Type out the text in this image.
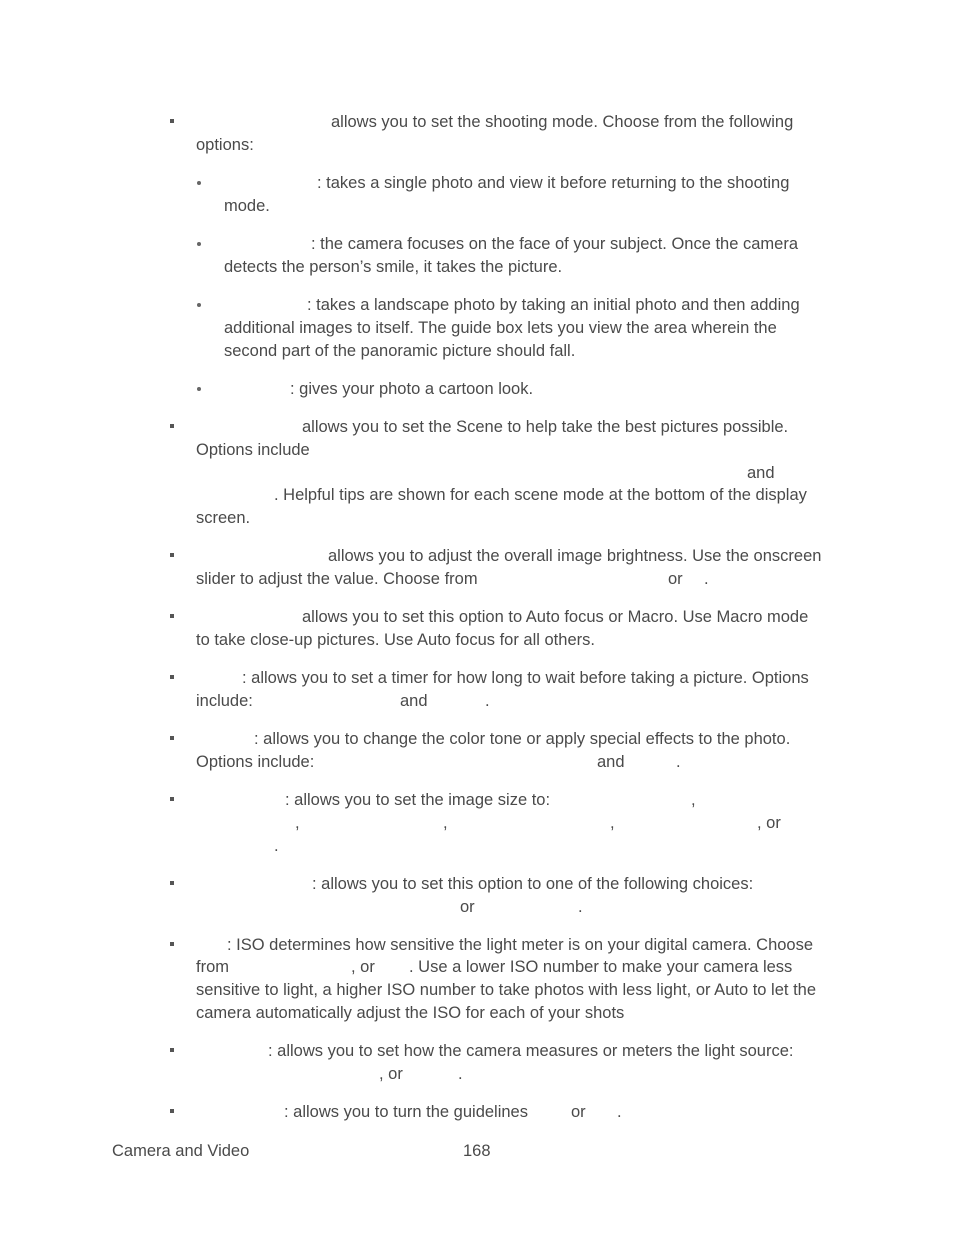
allows you to set the shooting mode. Choose from the following
options:
: takes a single photo and view it before returning to the shooting
mode.
: the camera focuses on the face of your subject. Once the camera
detects the person’s smile, it takes the picture.
: takes a landscape photo by taking an initial photo and then adding
additional images to itself. The guide box lets you view the area wherein the
second part of the panoramic picture should fall.
: gives your photo a cartoon look.
allows you to set the Scene to help take the best pictures possible.
Options include
and
. Helpful tips are shown for each scene mode at the bottom of the display
screen.
allows you to adjust the overall image brightness. Use the onscreen
slider to adjust the value. Choose from	or .
allows you to set this option to Auto focus or Macro. Use Macro mode
to take close-up pictures. Use Auto focus for all others.
: allows you to set a timer for how long to wait before taking a picture. Options
include:	and	.
: allows you to change the color tone or apply special effects to the photo.
Options include:	and	.
: allows you to set the image size to:	,
,	,	,	, or
.
: allows you to set this option to one of the following choices:
or	.
: ISO determines how sensitive the light meter is on your digital camera. Choose
from	, or . Use a lower ISO number to make your camera less
sensitive to light, a higher ISO number to take photos with less light, or Auto to let the
camera automatically adjust the ISO for each of your shots
: allows you to set how the camera measures or meters the light source:
, or	.
: allows you to turn the guidelines	or .
Camera and Video	168
